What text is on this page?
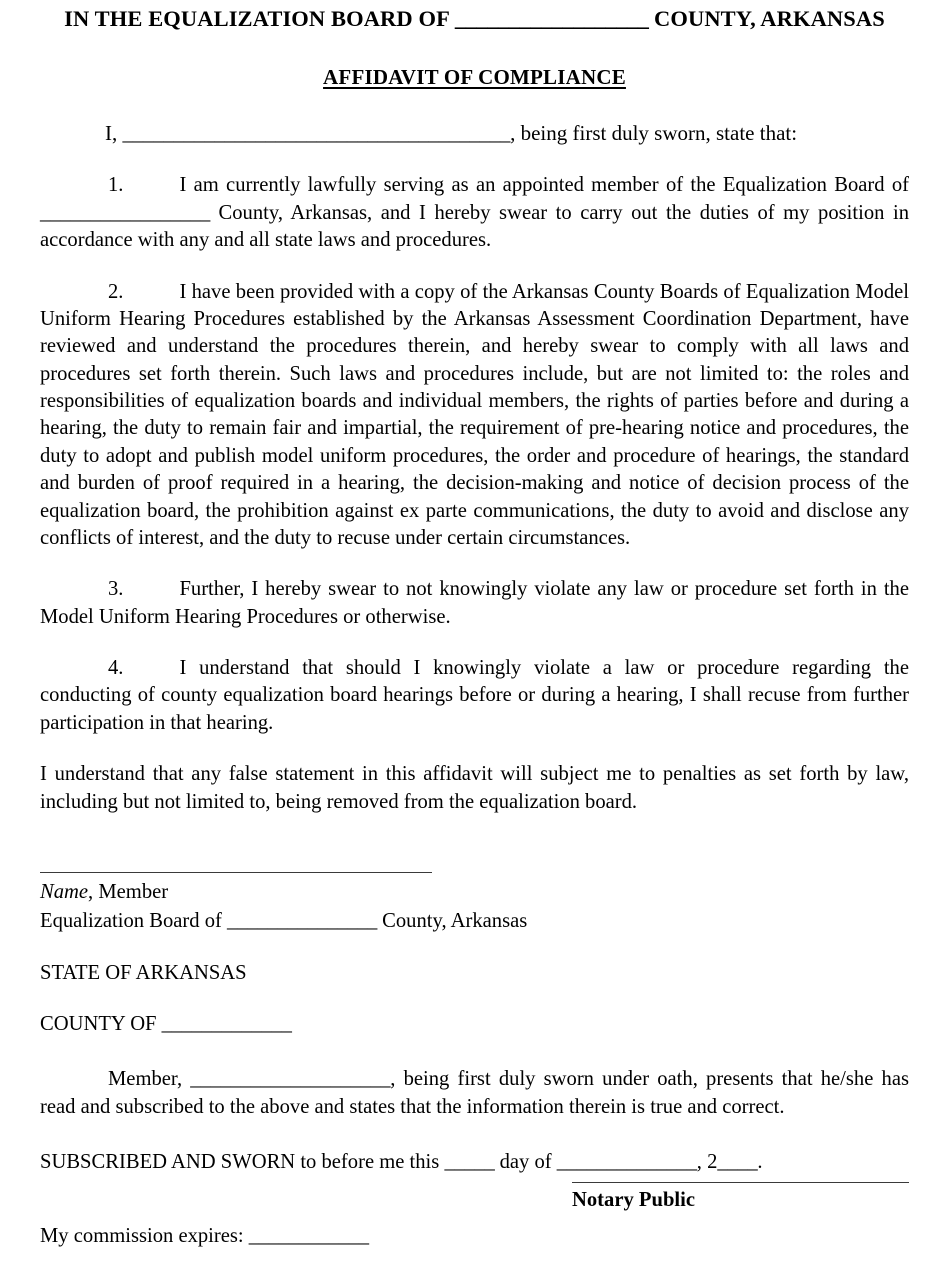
IN THE EQUALIZATION BOARD OF __________________ COUNTY, ARKANSAS
AFFIDAVIT OF COMPLIANCE
I, ______________________________________, being first duly sworn, state that:

1.	I am currently lawfully serving as an appointed member of the Equalization Board of _________________ County, Arkansas, and I hereby swear to carry out the duties of my position in accordance with any and all state laws and procedures.

2.	I have been provided with a copy of the Arkansas County Boards of Equalization Model Uniform Hearing Procedures established by the Arkansas Assessment Coordination Department, have reviewed and understand the procedures therein, and hereby swear to comply with all laws and procedures set forth therein. Such laws and procedures include, but are not limited to: the roles and responsibilities of equalization boards and individual members, the rights of parties before and during a hearing, the duty to remain fair and impartial, the requirement of pre-hearing notice and procedures, the duty to adopt and publish model uniform procedures, the order and procedure of hearings, the standard and burden of proof required in a hearing, the decision-making and notice of decision process of the equalization board, the prohibition against ex parte communications, the duty to avoid and disclose any conflicts of interest, and the duty to recuse under certain circumstances.

3.	Further, I hereby swear to not knowingly violate any law or procedure set forth in the Model Uniform Hearing Procedures or otherwise.

4.	I understand that should I knowingly violate a law or procedure regarding the conducting of county equalization board hearings before or during a hearing, I shall recuse from further participation in that hearing.

I understand that any false statement in this affidavit will subject me to penalties as set forth by law, including but not limited to, being removed from the equalization board.

Name, Member
Equalization Board of _______________ County, Arkansas
STATE OF ARKANSAS
COUNTY OF _____________

Member, ____________________, being first duly sworn under oath, presents that he/she has read and subscribed to the above and states that the information therein is true and correct.

SUBSCRIBED AND SWORN to before me this _____ day of ______________, 2____.
Notary Public
My commission expires: ____________
